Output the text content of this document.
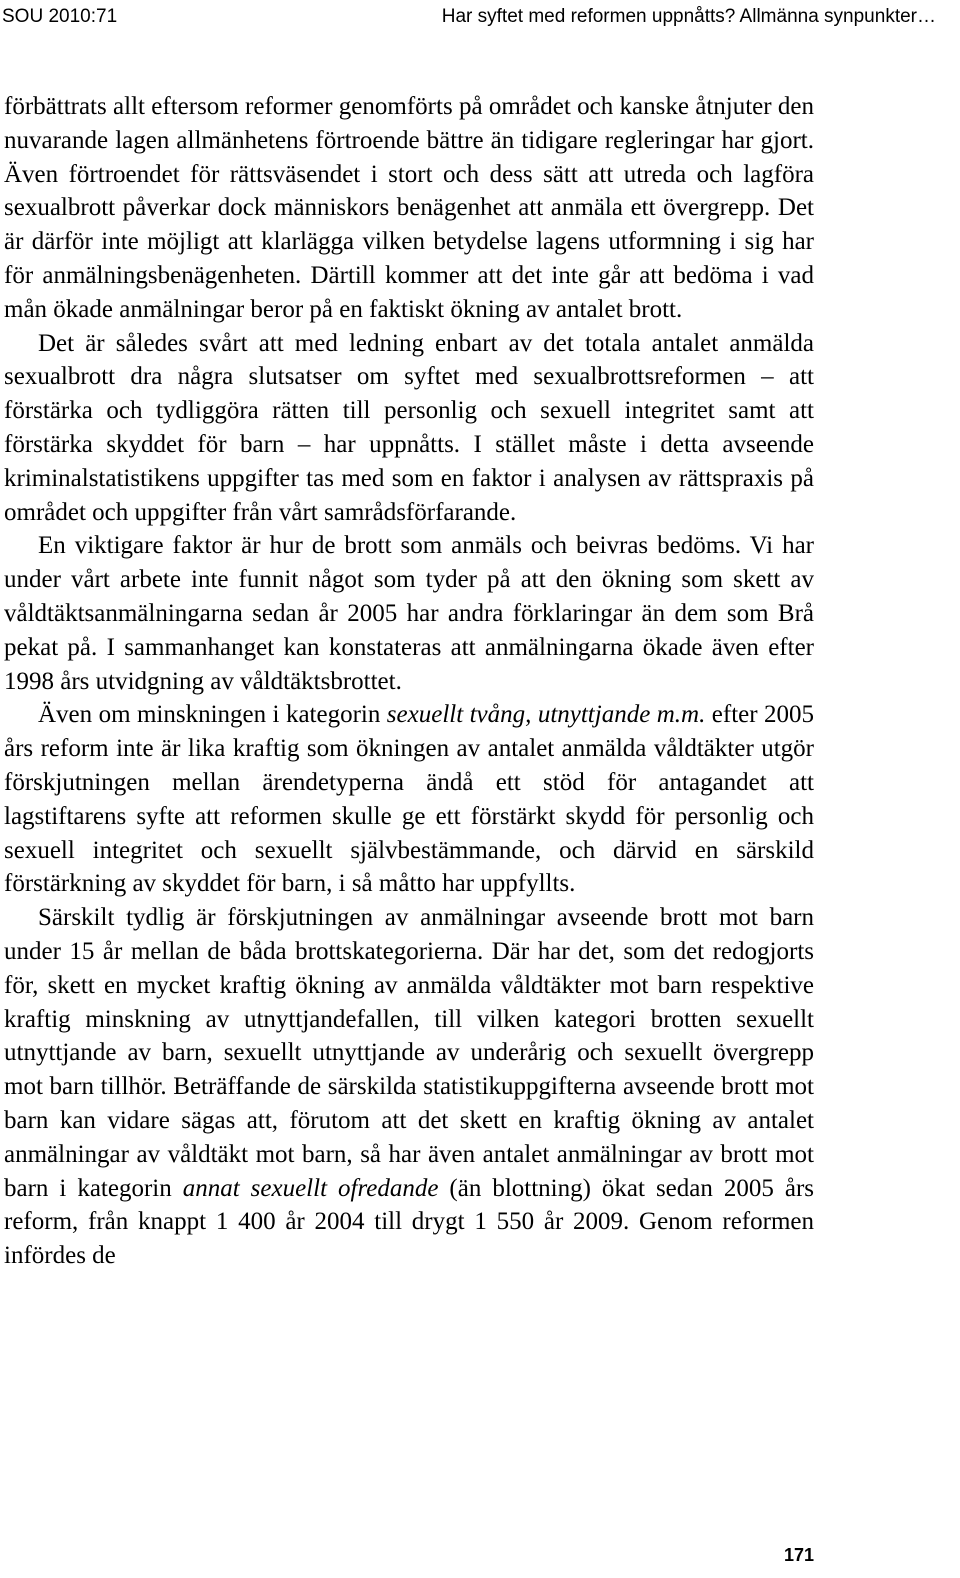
SOU 2010:71	Har syftet med reformen uppnåtts? Allmänna synpunkter…

förbättrats allt eftersom reformer genomförts på området och kanske åtnjuter den nuvarande lagen allmänhetens förtroende bättre än tidigare regleringar har gjort. Även förtroendet för rättsväsendet i stort och dess sätt att utreda och lagföra sexualbrott påverkar dock människors benägenhet att anmäla ett övergrepp. Det är därför inte möjligt att klarlägga vilken betydelse lagens utformning i sig har för anmälningsbenägenheten. Därtill kommer att det inte går att bedöma i vad mån ökade anmälningar beror på en faktiskt ökning av antalet brott.

Det är således svårt att med ledning enbart av det totala antalet anmälda sexualbrott dra några slutsatser om syftet med sexualbrottsreformen – att förstärka och tydliggöra rätten till personlig och sexuell integritet samt att förstärka skyddet för barn – har uppnåtts. I stället måste i detta avseende kriminalstatistikens uppgifter tas med som en faktor i analysen av rättspraxis på området och uppgifter från vårt samrådsförfarande.

En viktigare faktor är hur de brott som anmäls och beivras bedöms. Vi har under vårt arbete inte funnit något som tyder på att den ökning som skett av våldtäktsanmälningarna sedan år 2005 har andra förklaringar än dem som Brå pekat på. I sammanhanget kan konstateras att anmälningarna ökade även efter 1998 års utvidgning av våldtäktsbrottet.

Även om minskningen i kategorin sexuellt tvång, utnyttjande m.m. efter 2005 års reform inte är lika kraftig som ökningen av antalet anmälda våldtäkter utgör förskjutningen mellan ärendetyperna ändå ett stöd för antagandet att lagstiftarens syfte att reformen skulle ge ett förstärkt skydd för personlig och sexuell integritet och sexuellt självbestämmande, och därvid en särskild förstärkning av skyddet för barn, i så måtto har uppfyllts.

Särskilt tydlig är förskjutningen av anmälningar avseende brott mot barn under 15 år mellan de båda brottskategorierna. Där har det, som det redogjorts för, skett en mycket kraftig ökning av anmälda våldtäkter mot barn respektive kraftig minskning av utnyttjandefallen, till vilken kategori brotten sexuellt utnyttjande av barn, sexuellt utnyttjande av underårig och sexuellt övergrepp mot barn tillhör. Beträffande de särskilda statistikuppgifterna avseende brott mot barn kan vidare sägas att, förutom att det skett en kraftig ökning av antalet anmälningar av våldtäkt mot barn, så har även antalet anmälningar av brott mot barn i kategorin annat sexuellt ofredande (än blottning) ökat sedan 2005 års reform, från knappt 1 400 år 2004 till drygt 1 550 år 2009. Genom reformen infördes de

171
